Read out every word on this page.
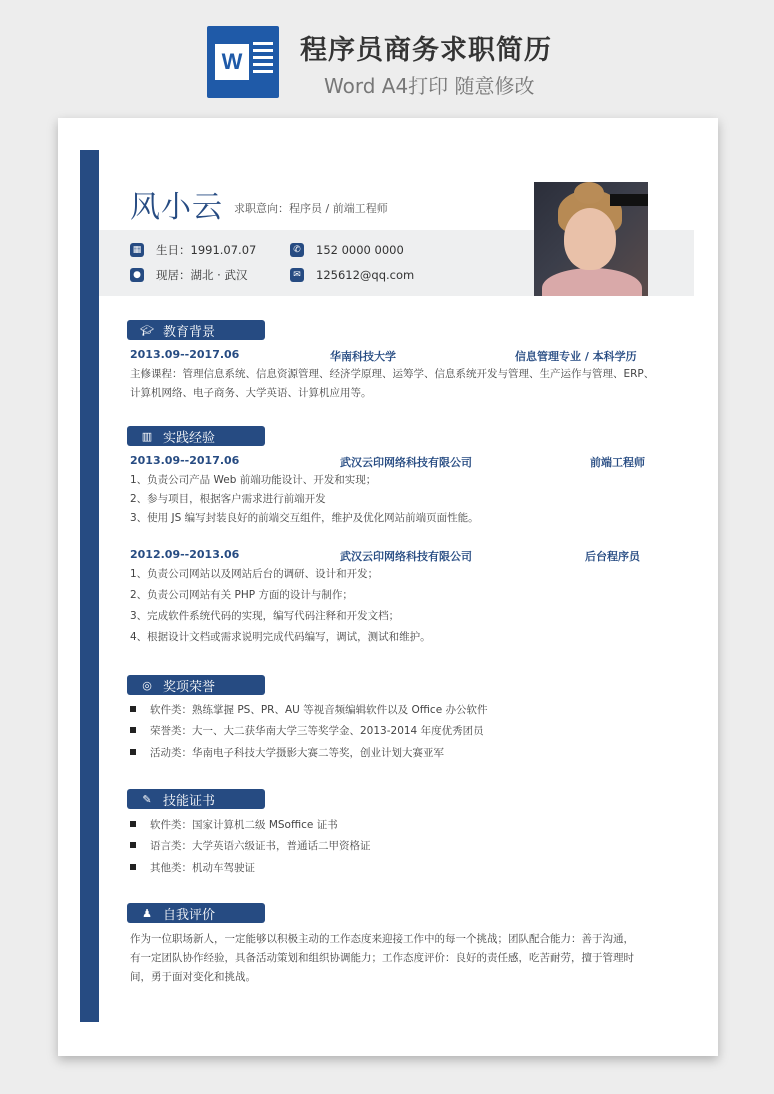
W 程序员商务求职简历
Word A4打印 随意修改
风小云 求职意向：程序员 / 前端工程师
▦ 生日：1991.07.07
● 现居：湖北 · 武汉
✆ 152 0000 0000
✉ 125612@qq.com
🎓︎ 教育背景
2013.09--2017.06	华南科技大学	信息管理专业 / 本科学历
主修课程：管理信息系统、信息资源管理、经济学原理、运筹学、信息系统开发与管理、生产运作与管理、ERP、
计算机网络、电子商务、大学英语、计算机应用等。
▥ 实践经验
2013.09--2017.06	武汉云印网络科技有限公司	前端工程师
1、负责公司产品 Web 前端功能设计、开发和实现；
2、参与项目，根据客户需求进行前端开发
3、使用 JS 编写封装良好的前端交互组件，维护及优化网站前端页面性能。
2012.09--2013.06	武汉云印网络科技有限公司	后台程序员
1、负责公司网站以及网站后台的调研、设计和开发；
2、负责公司网站有关 PHP 方面的设计与制作；
3、完成软件系统代码的实现，编写代码注释和开发文档；
4、根据设计文档或需求说明完成代码编写，调试，测试和维护。
◎ 奖项荣誉
软件类：熟练掌握 PS、PR、AU 等视音频编辑软件以及 Office 办公软件
荣誉类：大一、大二获华南大学三等奖学金、2013-2014 年度优秀团员
活动类：华南电子科技大学摄影大赛二等奖，创业计划大赛亚军
✎ 技能证书
软件类：国家计算机二级 MSoffice 证书
语言类：大学英语六级证书，普通话二甲资格证
其他类：机动车驾驶证
♟ 自我评价
作为一位职场新人，一定能够以积极主动的工作态度来迎接工作中的每一个挑战；团队配合能力：善于沟通，
有一定团队协作经验，具备活动策划和组织协调能力；工作态度评价：良好的责任感，吃苦耐劳，擅于管理时
间，勇于面对变化和挑战。
